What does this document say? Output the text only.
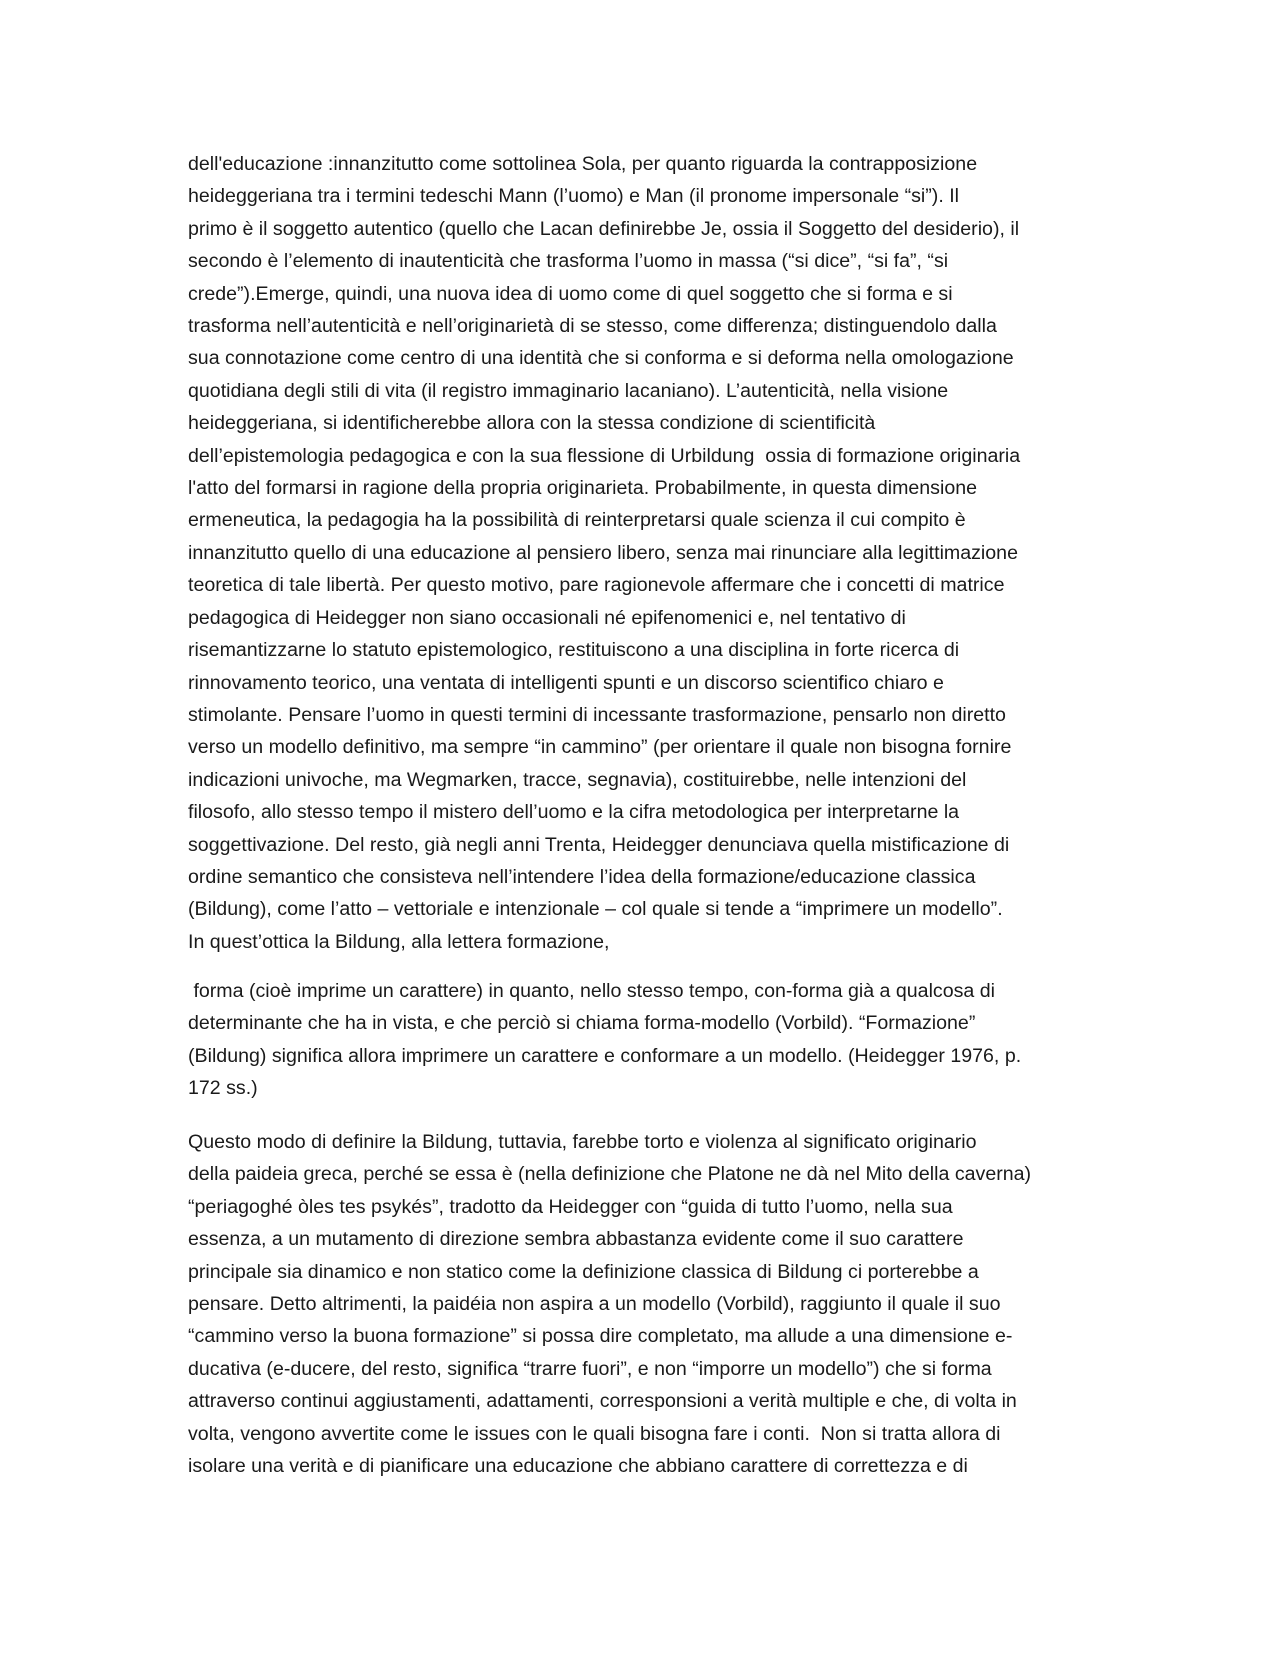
dell'educazione :innanzitutto come sottolinea Sola, per quanto riguarda la contrapposizione
heideggeriana tra i termini tedeschi Mann (l’uomo) e Man (il pronome impersonale “si”). Il
primo è il soggetto autentico (quello che Lacan definirebbe Je, ossia il Soggetto del desiderio), il
secondo è l’elemento di inautenticità che trasforma l’uomo in massa (“si dice”, “si fa”, “si
crede”).Emerge, quindi, una nuova idea di uomo come di quel soggetto che si forma e si
trasforma nell’autenticità e nell’originarietà di se stesso, come differenza; distinguendolo dalla
sua connotazione come centro di una identità che si conforma e si deforma nella omologazione
quotidiana degli stili di vita (il registro immaginario lacaniano). L’autenticità, nella visione
heideggeriana, si identificherebbe allora con la stessa condizione di scientificità
dell’epistemologia pedagogica e con la sua flessione di Urbildung  ossia di formazione originaria
l'atto del formarsi in ragione della propria originarieta. Probabilmente, in questa dimensione
ermeneutica, la pedagogia ha la possibilità di reinterpretarsi quale scienza il cui compito è
innanzitutto quello di una educazione al pensiero libero, senza mai rinunciare alla legittimazione
teoretica di tale libertà. Per questo motivo, pare ragionevole affermare che i concetti di matrice
pedagogica di Heidegger non siano occasionali né epifenomenici e, nel tentativo di
risemantizzarne lo statuto epistemologico, restituiscono a una disciplina in forte ricerca di
rinnovamento teorico, una ventata di intelligenti spunti e un discorso scientifico chiaro e
stimolante. Pensare l’uomo in questi termini di incessante trasformazione, pensarlo non diretto
verso un modello definitivo, ma sempre “in cammino” (per orientare il quale non bisogna fornire
indicazioni univoche, ma Wegmarken, tracce, segnavia), costituirebbe, nelle intenzioni del
filosofo, allo stesso tempo il mistero dell’uomo e la cifra metodologica per interpretarne la
soggettivazione. Del resto, già negli anni Trenta, Heidegger denunciava quella mistificazione di
ordine semantico che consisteva nell’intendere l’idea della formazione/educazione classica
(Bildung), come l’atto – vettoriale e intenzionale – col quale si tende a “imprimere un modello”.
In quest’ottica la Bildung, alla lettera formazione,
forma (cioè imprime un carattere) in quanto, nello stesso tempo, con-forma già a qualcosa di
determinante che ha in vista, e che perciò si chiama forma-modello (Vorbild). “Formazione”
(Bildung) significa allora imprimere un carattere e conformare a un modello. (Heidegger 1976, p.
172 ss.)
Questo modo di definire la Bildung, tuttavia, farebbe torto e violenza al significato originario
della paideia greca, perché se essa è (nella definizione che Platone ne dà nel Mito della caverna)
“periagoghé òles tes psykés”, tradotto da Heidegger con “guida di tutto l’uomo, nella sua
essenza, a un mutamento di direzione sembra abbastanza evidente come il suo carattere
principale sia dinamico e non statico come la definizione classica di Bildung ci porterebbe a
pensare. Detto altrimenti, la paidéia non aspira a un modello (Vorbild), raggiunto il quale il suo
“cammino verso la buona formazione” si possa dire completato, ma allude a una dimensione e-
ducativa (e-ducere, del resto, significa “trarre fuori”, e non “imporre un modello”) che si forma
attraverso continui aggiustamenti, adattamenti, corresponsioni a verità multiple e che, di volta in
volta, vengono avvertite come le issues con le quali bisogna fare i conti.  Non si tratta allora di
isolare una verità e di pianificare una educazione che abbiano carattere di correttezza e di
